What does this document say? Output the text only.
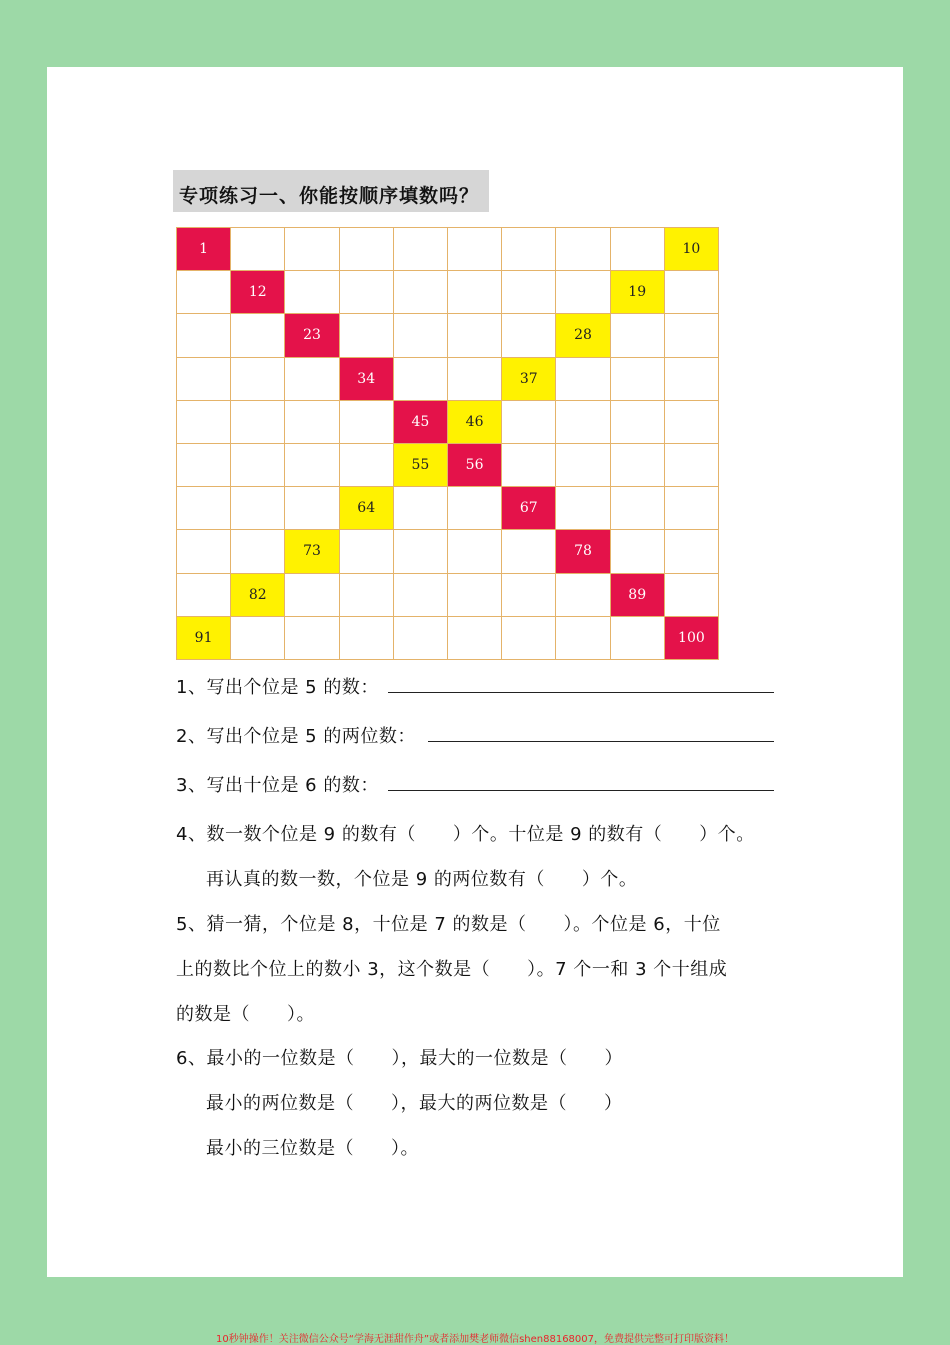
专项练习一、你能按顺序填数吗？
1	10
12	19
23	28
34	37
45	46
55	56
64	67
73	78
82	89
91	100
1、写出个位是 5 的数：
2、写出个位是 5 的两位数：
3、写出十位是 6 的数：
4、数一数个位是 9 的数有（　　）个。十位是 9 的数有（　　）个。
再认真的数一数，个位是 9 的两位数有（　　）个。
5、猜一猜，个位是 8，十位是 7 的数是（　　）。个位是 6，十位
上的数比个位上的数小 3，这个数是（　　）。7 个一和 3 个十组成
的数是（　　）。
6、最小的一位数是（　　），最大的一位数是（　　）
最小的两位数是（　　），最大的两位数是（　　）
最小的三位数是（　　）。
10秒钟操作！关注微信公众号“学海无涯甜作舟”或者添加樊老师微信shen88168007，免费提供完整可打印版资料！
